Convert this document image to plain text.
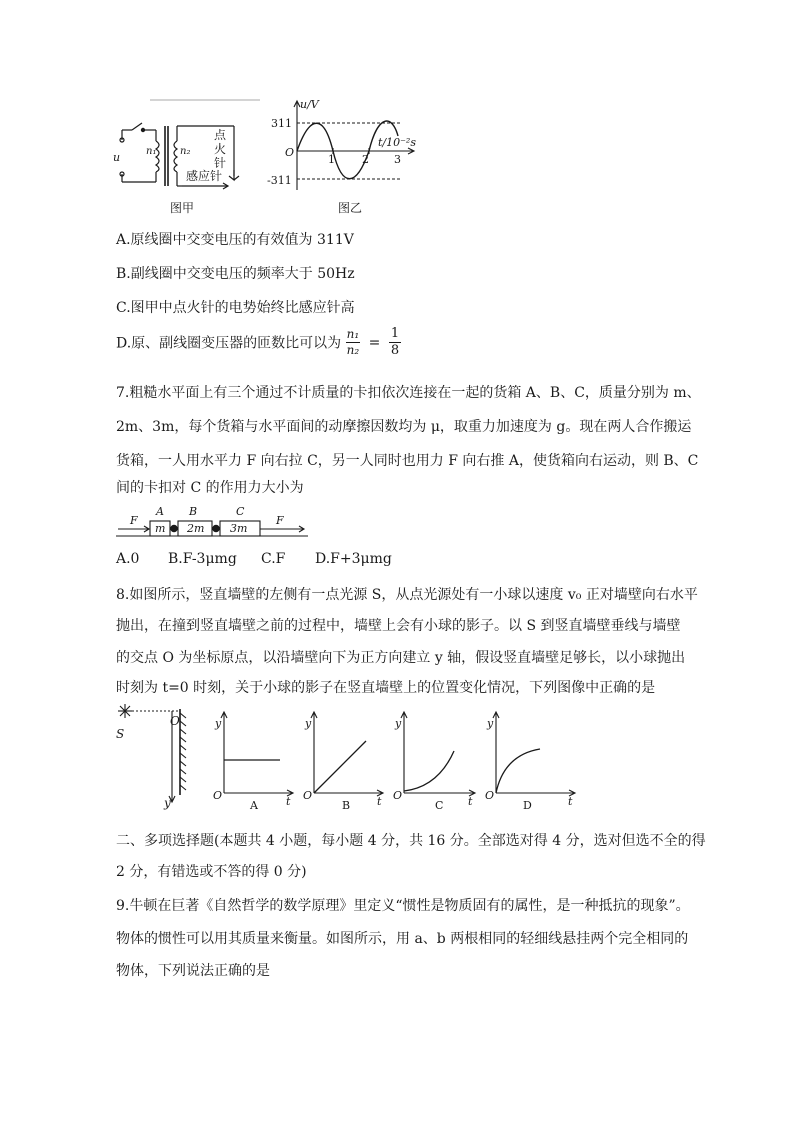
u	n₁ n₂
点
火
针
感应针
图甲
u/V
t/10⁻²s
311
-311
O
1 2 3
图乙
A.原线圈中交变电压的有效值为 311V
B.副线圈中交变电压的频率大于 50Hz
C.图甲中点火针的电势始终比感应针高
D.原、副线圈变压器的匝数比可以为 $\frac{\text{n₁}}{\text{n₂}} = \frac{1}{8}$
7.粗糙水平面上有三个通过不计质量的卡扣依次连接在一起的货箱 A、B、C，质量分别为 m、
2m、3m，每个货箱与水平面间的动摩擦因数均为 μ，取重力加速度为 g。现在两人合作搬运
货箱，一人用水平力 F 向右拉 C，另一人同时也用力 F 向右推 A，使货箱向右运动，则 B、C
间的卡扣对 C 的作用力大小为
F	F
A B	C
m 2m 3m
A.0 B.F-3μmg C.F D.F+3μmg
8.如图所示，竖直墙壁的左侧有一点光源 S，从点光源处有一小球以速度 v₀ 正对墙壁向右水平
抛出，在撞到竖直墙壁之前的过程中，墙壁上会有小球的影子。以 S 到竖直墙壁垂线与墙壁
的交点 O 为坐标原点，以沿墙壁向下为正方向建立 y 轴，假设竖直墙壁足够长，以小球抛出
时刻为 t=0 时刻，关于小球的影子在竖直墙壁上的位置变化情况，下列图像中正确的是
S
O
y
y
t
O
A
y
t
O
B
y
t
O
C
y
t
O
D
二、多项选择题(本题共 4 小题，每小题 4 分，共 16 分。全部选对得 4 分，选对但选不全的得
2 分，有错选或不答的得 0 分)
9.牛顿在巨著《自然哲学的数学原理》里定义“惯性是物质固有的属性，是一种抵抗的现象”。
物体的惯性可以用其质量来衡量。如图所示，用 a、b 两根相同的轻细线悬挂两个完全相同的
物体，下列说法正确的是
